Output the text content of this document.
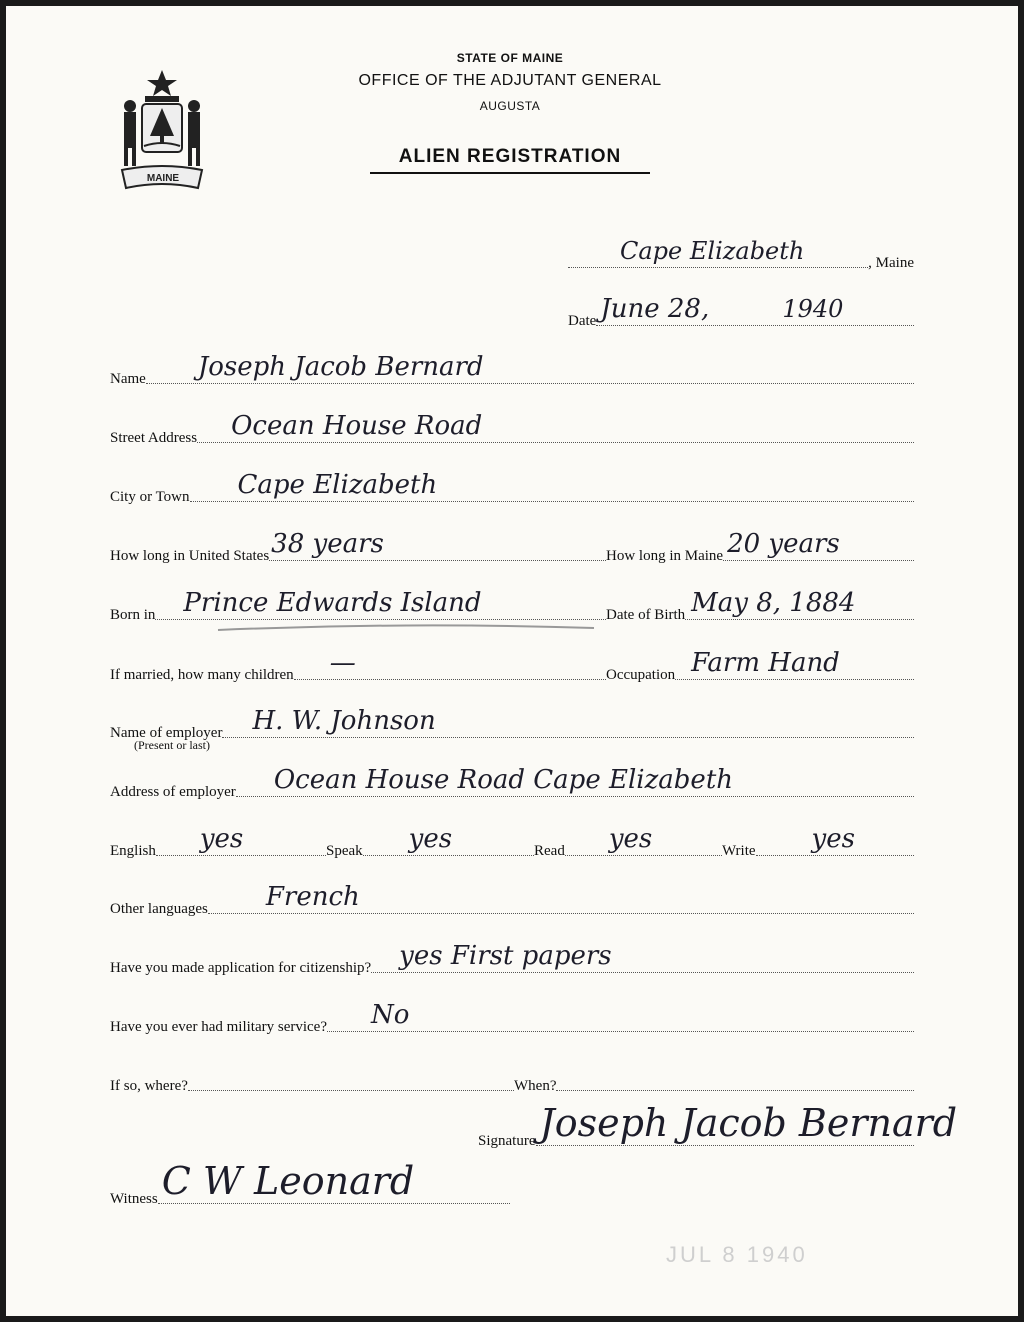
MAINE
STATE OF MAINE
OFFICE OF THE ADJUTANT GENERAL
AUGUSTA
ALIEN REGISTRATION
Cape Elizabeth	, Maine
Date June 28,	1940
Name Joseph Jacob Bernard
Street Address Ocean House Road
City or Town Cape Elizabeth
How long in United States 38 years	How long in Maine 20 years
Born in Prince Edwards Island	Date of Birth May 8, 1884
If married, how many children —	Occupation Farm Hand
Name of employer H. W. Johnson
(Present or last)
Address of employer Ocean House Road Cape Elizabeth
English yes	Speak yes	Read yes	Write yes
Other languages French
Have you made application for citizenship? yes First papers
Have you ever had military service? No
If so, where?	When?
Signature Joseph Jacob Bernard
Witness C W Leonard
JUL 8 1940
